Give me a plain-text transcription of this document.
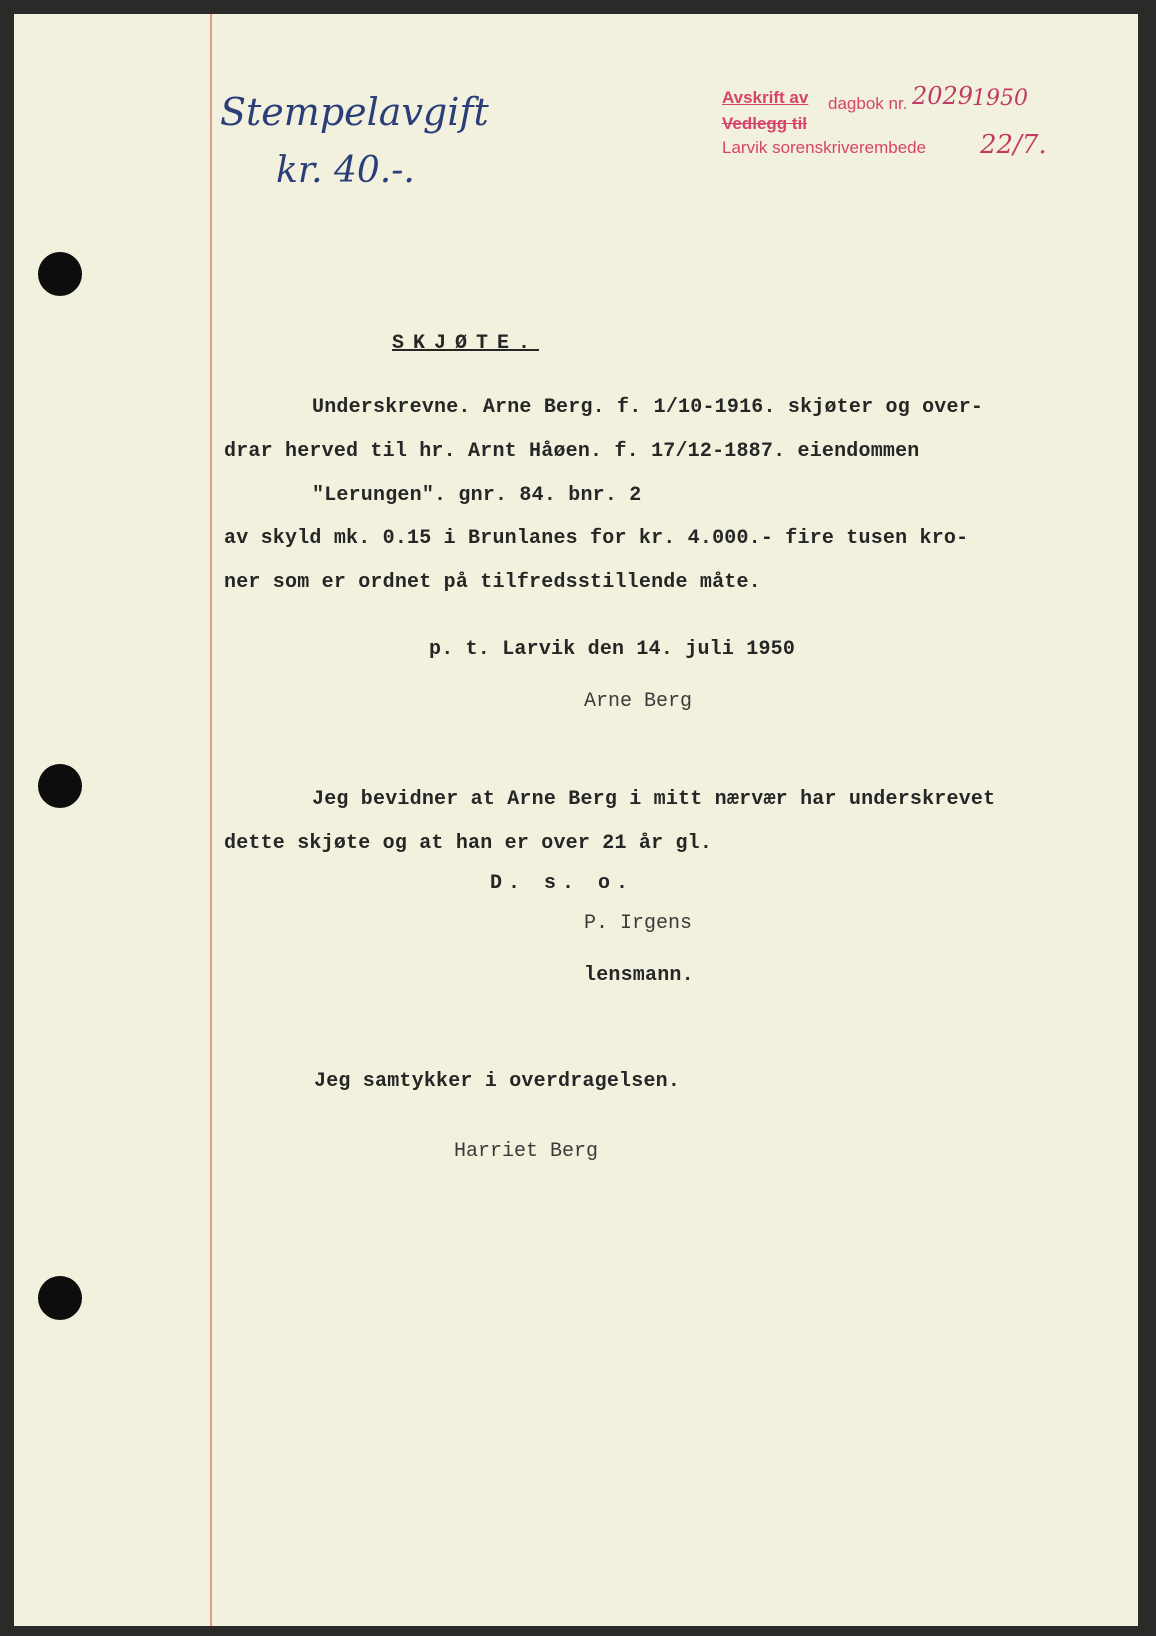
Stempelavgift
kr. 40.-.
Avskrift av dagbok nr. 2029
1950
Vedlegg til
Larvik sorenskriverembede 22/7.
SKJØTE.
Underskrevne. Arne Berg. f. 1/10-1916. skjøter og over-
drar herved til hr. Arnt Håøen. f. 17/12-1887. eiendommen
"Lerungen". gnr. 84. bnr. 2
av skyld mk. 0.15 i Brunlanes for kr. 4.000.- fire tusen kro-
ner som er ordnet på tilfredsstillende måte.
p. t. Larvik den 14. juli 1950
Arne Berg
Jeg bevidner at Arne Berg i mitt nærvær har underskrevet
dette skjøte og at han er over 21 år gl.
D. s. o.
P. Irgens
lensmann.
Jeg samtykker i overdragelsen.
Harriet Berg
